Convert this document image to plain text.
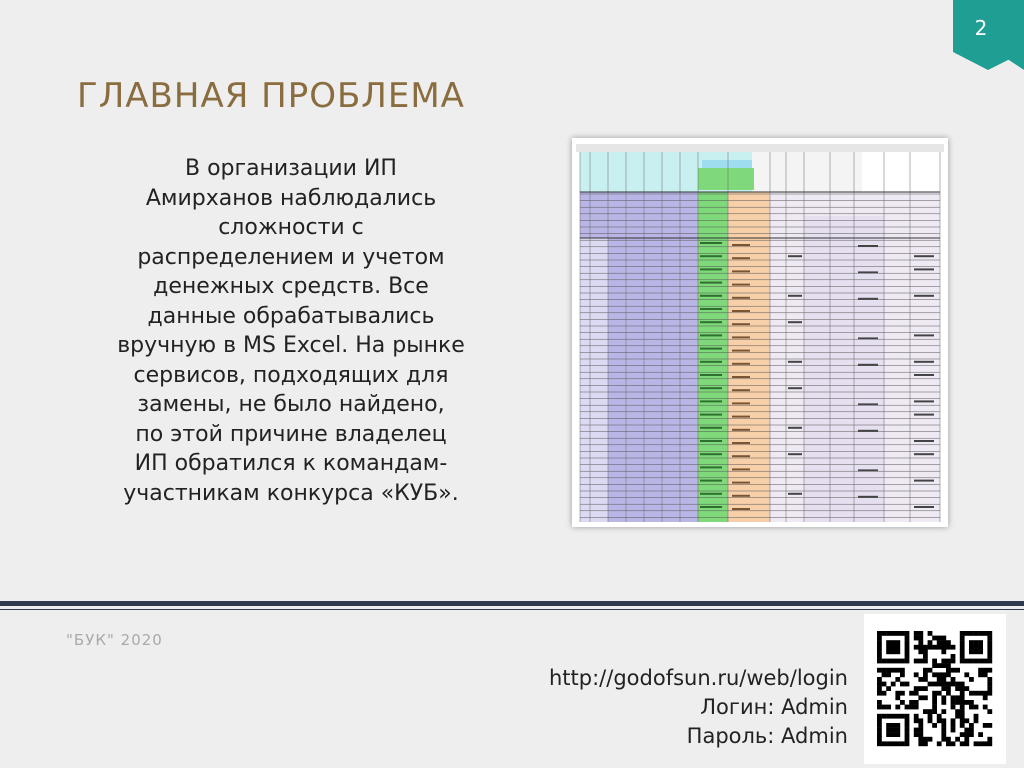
2
ГЛАВНАЯ ПРОБЛЕМА
В организации ИП
Амирханов наблюдались
сложности с
распределением и учетом
денежных средств. Все
данные обрабатывались
вручную в MS Excel. На рынке
сервисов, подходящих для
замены, не было найдено,
по этой причине владелец
ИП обратился к командам-
участникам конкурса «КУБ».
"БУК" 2020
http://godofsun.ru/web/login
Логин: Admin
Пароль: Admin
